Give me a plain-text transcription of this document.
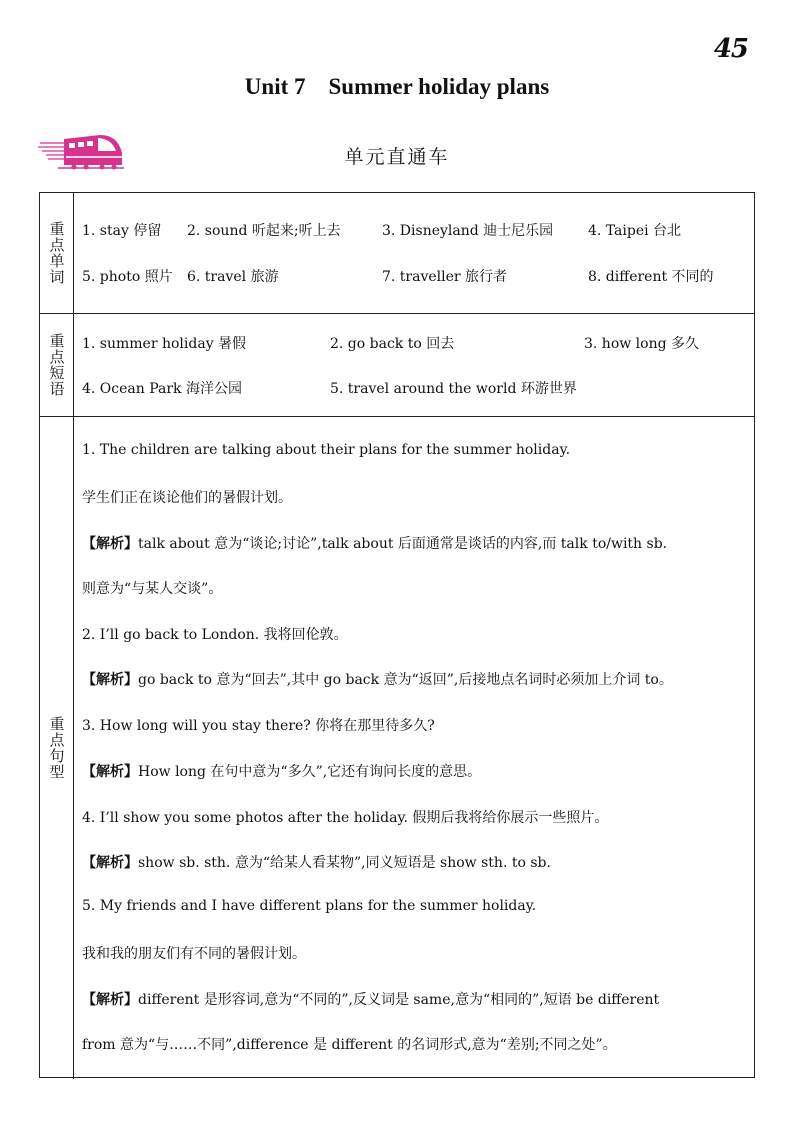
45
Unit 7    Summer holiday plans
单元直通车
重点单词 1. stay 停留 2. sound 听起来;听上去	3. Disneyland 迪士尼乐园 4. Taipei 台北
5. photo 照片 6. travel 旅游	7. traveller 旅行者	8. different 不同的
重点短语 1. summer holiday 暑假	2. go back to 回去	3. how long 多久
4. Ocean Park 海洋公园	5. travel around the world 环游世界
重点句型
1. The children are talking about their plans for the summer holiday.
学生们正在谈论他们的暑假计划。
【解析】talk about 意为“谈论;讨论”,talk about 后面通常是谈话的内容,而 talk to/with sb.
则意为“与某人交谈”。
2. I’ll go back to London. 我将回伦敦。
【解析】go back to 意为“回去”,其中 go back 意为“返回”,后接地点名词时必须加上介词 to。
3. How long will you stay there? 你将在那里待多久?
【解析】How long 在句中意为“多久”,它还有询问长度的意思。
4. I’ll show you some photos after the holiday. 假期后我将给你展示一些照片。
【解析】show sb. sth. 意为“给某人看某物”,同义短语是 show sth. to sb.
5. My friends and I have different plans for the summer holiday.
我和我的朋友们有不同的暑假计划。
【解析】different 是形容词,意为“不同的”,反义词是 same,意为“相同的”,短语 be different
from 意为“与……不同”,difference 是 different 的名词形式,意为“差别;不同之处”。
